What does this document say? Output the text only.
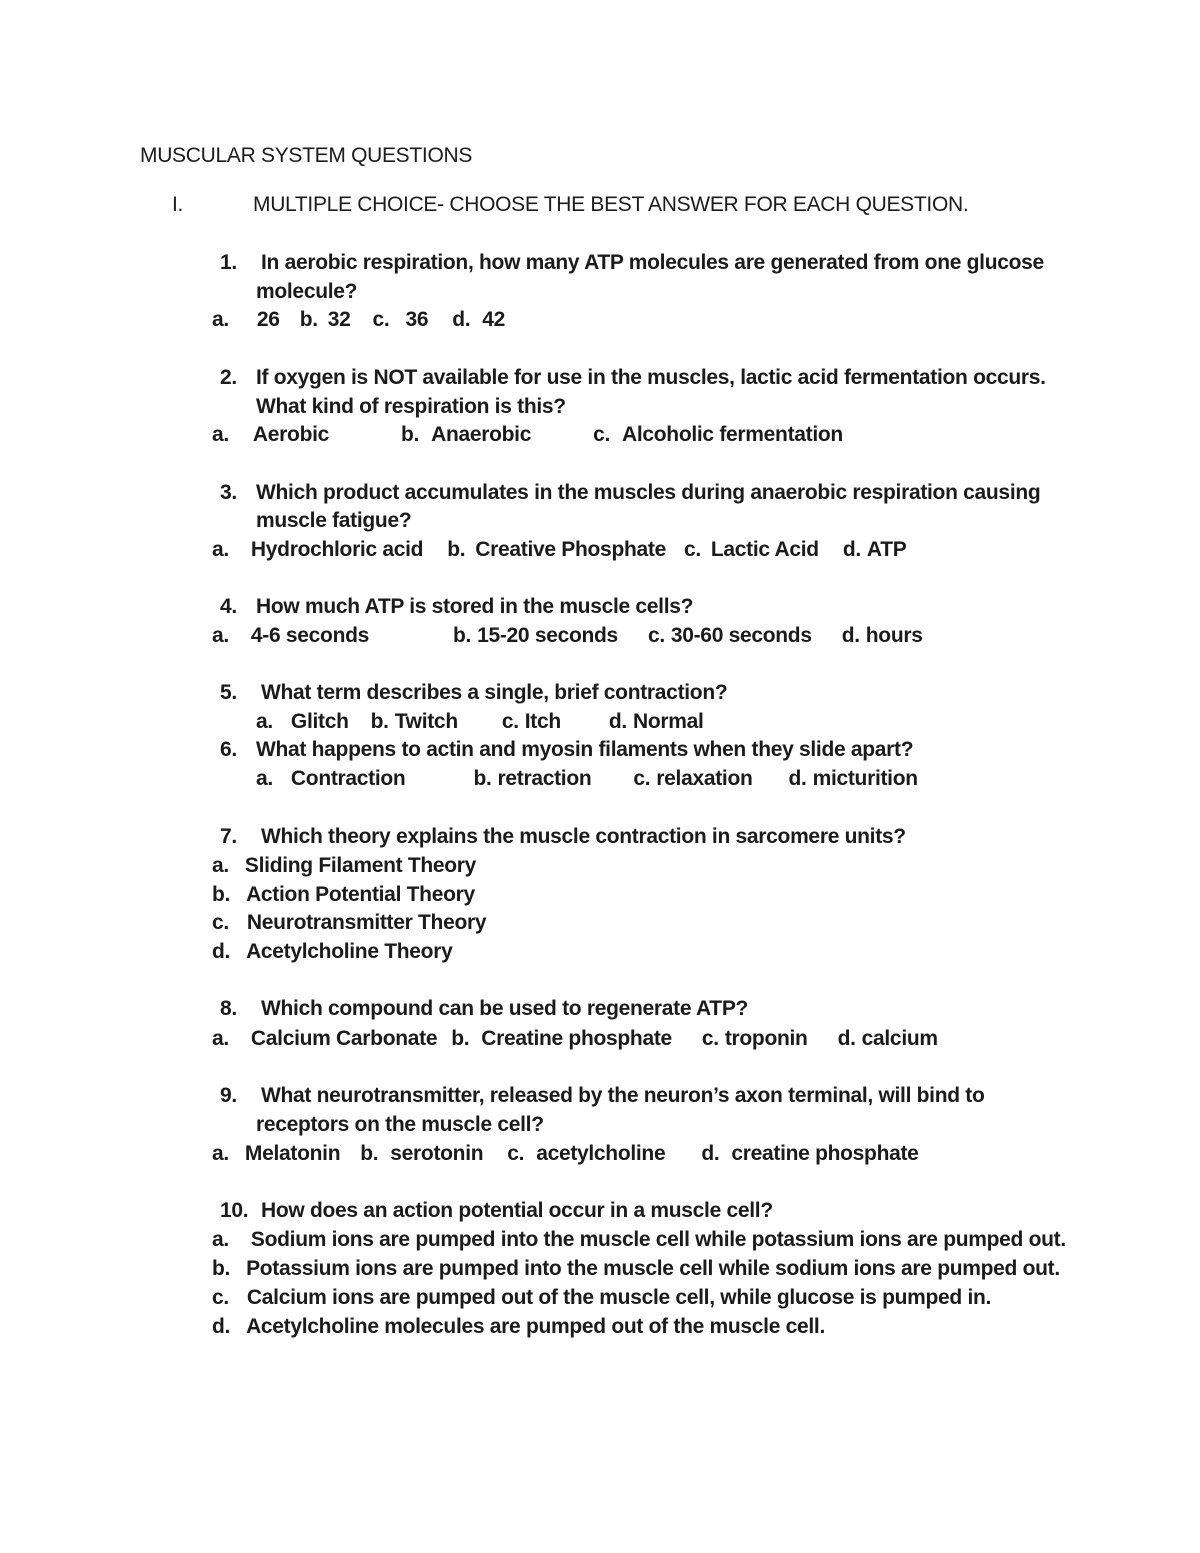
MUSCULAR SYSTEM QUESTIONS
I.	MULTIPLE CHOICE- CHOOSE THE BEST ANSWER FOR EACH QUESTION.
1. In aerobic respiration, how many ATP molecules are generated from one glucose
molecule?
a. 26 b. 32 c. 36 d. 42
2. If oxygen is NOT available for use in the muscles, lactic acid fermentation occurs.
What kind of respiration is this?
a. Aerobic	b. Anaerobic	c. Alcoholic fermentation
3. Which product accumulates in the muscles during anaerobic respiration causing
muscle fatigue?
a. Hydrochloric acid b. Creative Phosphate c. Lactic Acid d. ATP
4. How much ATP is stored in the muscle cells?
a. 4-6 seconds	b. 15-20 seconds c. 30-60 seconds d. hours
5. What term describes a single, brief contraction?
a. Glitch b. Twitch c. Itch d. Normal
6. What happens to actin and myosin filaments when they slide apart?
a. Contraction	b. retraction c. relaxation d. micturition
7. Which theory explains the muscle contraction in sarcomere units?
a. Sliding Filament Theory
b. Action Potential Theory
c. Neurotransmitter Theory
d. Acetylcholine Theory
8. Which compound can be used to regenerate ATP?
a. Calcium Carbonate b. Creatine phosphate c. troponin d. calcium
9. What neurotransmitter, released by the neuron’s axon terminal, will bind to
receptors on the muscle cell?
a. Melatonin b. serotonin c. acetylcholine d. creatine phosphate
10. How does an action potential occur in a muscle cell?
a. Sodium ions are pumped into the muscle cell while potassium ions are pumped out.
b. Potassium ions are pumped into the muscle cell while sodium ions are pumped out.
c. Calcium ions are pumped out of the muscle cell, while glucose is pumped in.
d. Acetylcholine molecules are pumped out of the muscle cell.
